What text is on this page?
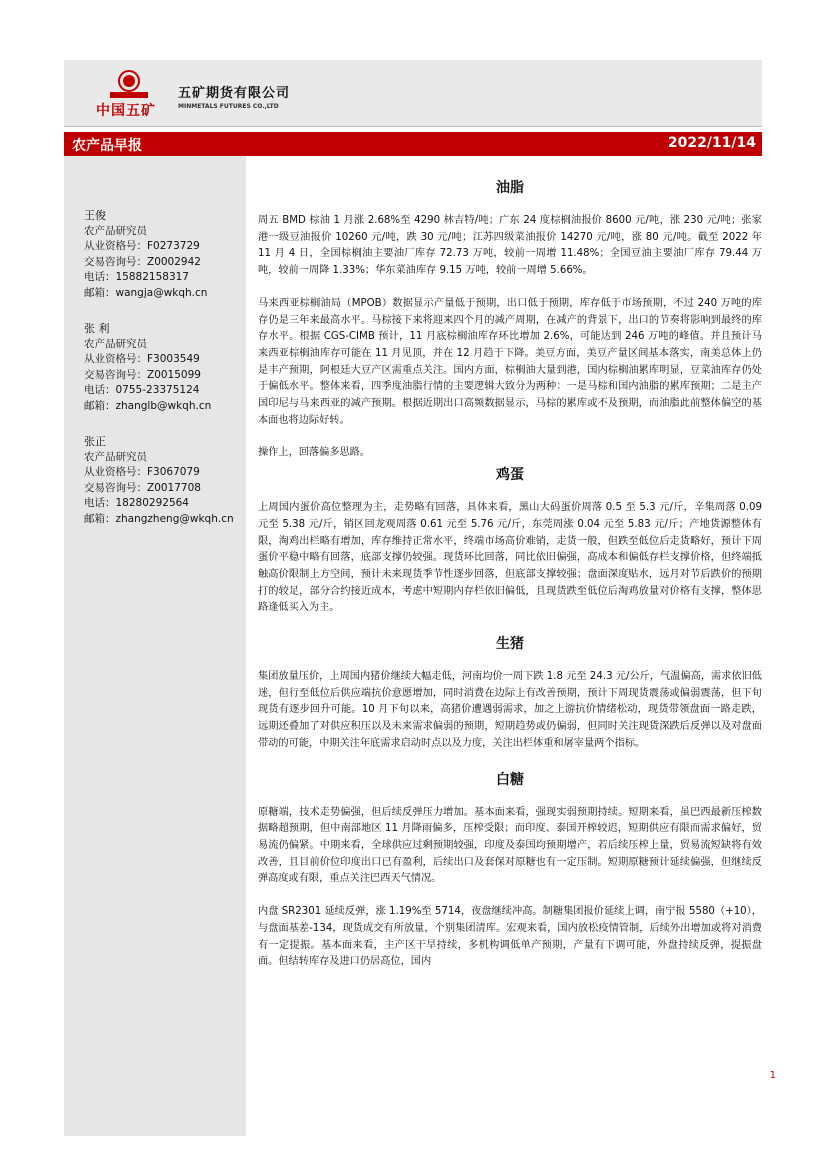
中国五矿
五矿期货有限公司
MINMETALS FUTURES CO.,LTD
农产品早报	2022/11/14
王俊
农产品研究员
从业资格号：F0273729
交易咨询号：Z0002942
电话：15882158317
邮箱：wangja@wkqh.cn
张 利
农产品研究员
从业资格号：F3003549
交易咨询号：Z0015099
电话：0755-23375124
邮箱：zhanglb@wkqh.cn
张正
农产品研究员
从业资格号：F3067079
交易咨询号：Z0017708
电话：18280292564
邮箱：zhangzheng@wkqh.cn
油脂

周五 BMD 棕油 1 月涨 2.68%至 4290 林吉特/吨；广东 24 度棕榈油报价 8600 元/吨，涨 230 元/吨；张家港一级豆油报价 10260 元/吨，跌 30 元/吨；江苏四级菜油报价 14270 元/吨，涨 80 元/吨。截至 2022 年 11 月 4 日，全国棕榈油主要油厂库存 72.73 万吨，较前一周增 11.48%；全国豆油主要油厂库存 79.44 万吨，较前一周降 1.33%；华东菜油库存 9.15 万吨，较前一周增 5.66%。

马来西亚棕榈油局（MPOB）数据显示产量低于预期，出口低于预期，库存低于市场预期，不过 240 万吨的库存仍是三年来最高水平。马棕接下来将迎来四个月的减产周期，在减产的背景下，出口的节奏将影响到最终的库存水平。根据 CGS-CIMB 预计，11 月底棕榈油库存环比增加 2.6%，可能达到 246 万吨的峰值。并且预计马来西亚棕榈油库存可能在 11 月见顶，并在 12 月趋于下降。美豆方面，美豆产量区间基本落实，南美总体上仍是丰产预期，阿根廷大豆产区需重点关注。国内方面，棕榈油大量到港，国内棕榈油累库明显，豆菜油库存仍处于偏低水平。整体来看，四季度油脂行情的主要逻辑大致分为两种：一是马棕和国内油脂的累库预期；二是主产国印尼与马来西亚的减产预期。根据近期出口高频数据显示，马棕的累库或不及预期，而油脂此前整体偏空的基本面也将边际好转。

操作上，回落偏多思路。

鸡蛋

上周国内蛋价高位整理为主，走势略有回落，具体来看，黑山大码蛋价周落 0.5 至 5.3 元/斤，辛集周落 0.09 元至 5.38 元/斤，销区回龙观周落 0.61 元至 5.76 元/斤，东莞周涨 0.04 元至 5.83 元/斤；产地货源整体有限，淘鸡出栏略有增加，库存维持正常水平，终端市场高价难销，走货一般，但跌至低位后走货略好，预计下周蛋价平稳中略有回落，底部支撑仍较强。现货环比回落，同比依旧偏强，高成本和偏低存栏支撑价格，但终端抵触高价限制上方空间，预计未来现货季节性逐步回落，但底部支撑较强；盘面深度贴水，远月对节后跌价的预期打的较足，部分合约接近成本，考虑中短期内存栏依旧偏低，且现货跌至低位后淘鸡放量对价格有支撑，整体思路逢低买入为主。

生猪

集团放量压价，上周国内猪价继续大幅走低，河南均价一周下跌 1.8 元至 24.3 元/公斤，气温偏高，需求依旧低迷，但行至低位后供应端抗价意愿增加，同时消费在边际上有改善预期，预计下周现货震荡或偏弱震荡，但下旬现货有逐步回升可能。10 月下旬以来，高猪价遭遇弱需求，加之上游抗价情绪松动，现货带领盘面一路走跌，远期还叠加了对供应积压以及未来需求偏弱的预期，短期趋势或仍偏弱，但同时关注现货深跌后反弹以及对盘面带动的可能，中期关注年底需求启动时点以及力度，关注出栏体重和屠宰量两个指标。

白糖

原糖端，技术走势偏强，但后续反弹压力增加。基本面来看，强现实弱预期持续。短期来看，虽巴西最新压榨数据略超预期，但中南部地区 11 月降雨偏多，压榨受限；而印度、泰国开榨较迟，短期供应有限而需求偏好，贸易流仍偏紧。中期来看，全球供应过剩预期较强，印度及泰国均预期增产，若后续压榨上量，贸易流短缺将有效改善，且目前价位印度出口已有盈利，后续出口及套保对原糖也有一定压制。短期原糖预计延续偏强，但继续反弹高度或有限，重点关注巴西天气情况。

内盘 SR2301 延续反弹，涨 1.19%至 5714，夜盘继续冲高。制糖集团报价延续上调，南宁报 5580（+10），与盘面基差-134，现货成交有所放量，个别集团清库。宏观来看，国内放松疫情管制，后续外出增加或将对消费有一定提振。基本面来看，主产区干旱持续，多机构调低单产预期，产量有下调可能，外盘持续反弹，提振盘面。但结转库存及进口仍居高位，国内

1
